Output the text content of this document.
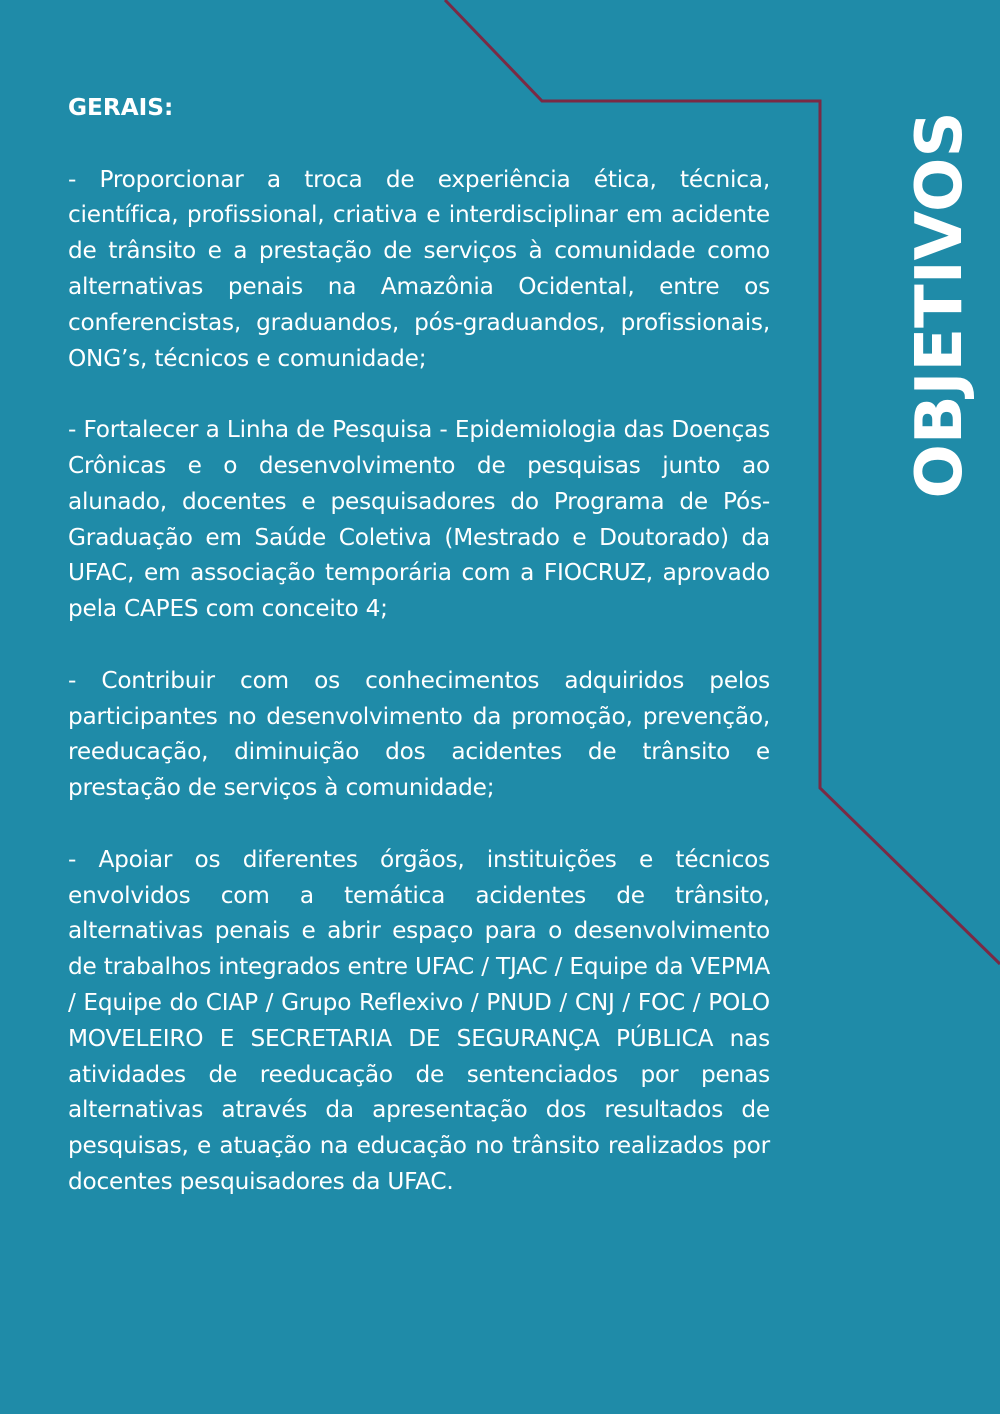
OBJETIVOS

GERAIS:

- Proporcionar a troca de experiência ética, técnica, científica, profissional, criativa e interdisciplinar em acidente de trânsito e a prestação de serviços à comunidade como alternativas penais na Amazônia Ocidental, entre os conferencistas, graduandos, pós-graduandos, profissionais, ONG’s, técnicos e comunidade;

- Fortalecer a Linha de Pesquisa - Epidemiologia das Doenças Crônicas e o desenvolvimento de pesquisas junto ao alunado, docentes e pesquisadores do Programa de Pós-Graduação em Saúde Coletiva (Mestrado e Doutorado) da UFAC, em associação temporária com a FIOCRUZ, aprovado pela CAPES com conceito 4;

- Contribuir com os conhecimentos adquiridos pelos participantes no desenvolvimento da promoção, prevenção, reeducação, diminuição dos acidentes de trânsito e prestação de serviços à comunidade;

- Apoiar os diferentes órgãos, instituições e técnicos envolvidos com a temática acidentes de trânsito, alternativas penais e abrir espaço para o desenvolvimento de trabalhos integrados entre UFAC / TJAC / Equipe da VEPMA / Equipe do CIAP / Grupo Reflexivo / PNUD / CNJ / FOC / POLO MOVELEIRO E SECRETARIA DE SEGURANÇA PÚBLICA nas atividades de reeducação de sentenciados por penas alternativas através da apresentação dos resultados de pesquisas, e atuação na educação no trânsito realizados por docentes pesquisadores da UFAC.
